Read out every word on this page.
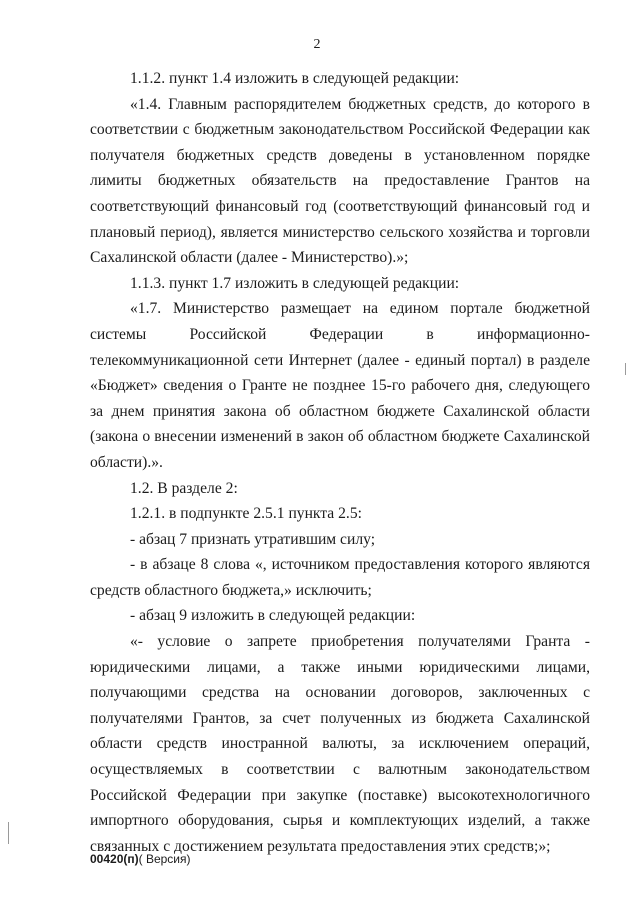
2

1.1.2. пункт 1.4 изложить в следующей редакции:

«1.4. Главным распорядителем бюджетных средств, до которого в соответствии с бюджетным законодательством Российской Федерации как получателя бюджетных средств доведены в установленном порядке лимиты бюджетных обязательств на предоставление Грантов на соответствующий финансовый год (соответствующий финансовый год и плановый период), является министерство сельского хозяйства и торговли Сахалинской области (далее - Министерство).»;

1.1.3. пункт 1.7 изложить в следующей редакции:

«1.7. Министерство размещает на едином портале бюджетной системы Российской Федерации в информационно-телекоммуникационной сети Интернет (далее - единый портал) в разделе «Бюджет» сведения о Гранте не позднее 15-го рабочего дня, следующего за днем принятия закона об областном бюджете Сахалинской области (закона о внесении изменений в закон об областном бюджете Сахалинской области).».

1.2. В разделе 2:

1.2.1. в подпункте 2.5.1 пункта 2.5:

- абзац 7 признать утратившим силу;

- в абзаце 8 слова «, источником предоставления которого являются средств областного бюджета,» исключить;

- абзац 9 изложить в следующей редакции:

«- условие о запрете приобретения получателями Гранта - юридическими лицами, а также иными юридическими лицами, получающими средства на основании договоров, заключенных с получателями Грантов, за счет полученных из бюджета Сахалинской области средств иностранной валюты, за исключением операций, осуществляемых в соответствии с валютным законодательством Российской Федерации при закупке (поставке) высокотехнологичного импортного оборудования, сырья и комплектующих изделий, а также связанных с достижением результата предоставления этих средств;»;

00420(п)( Версия)
